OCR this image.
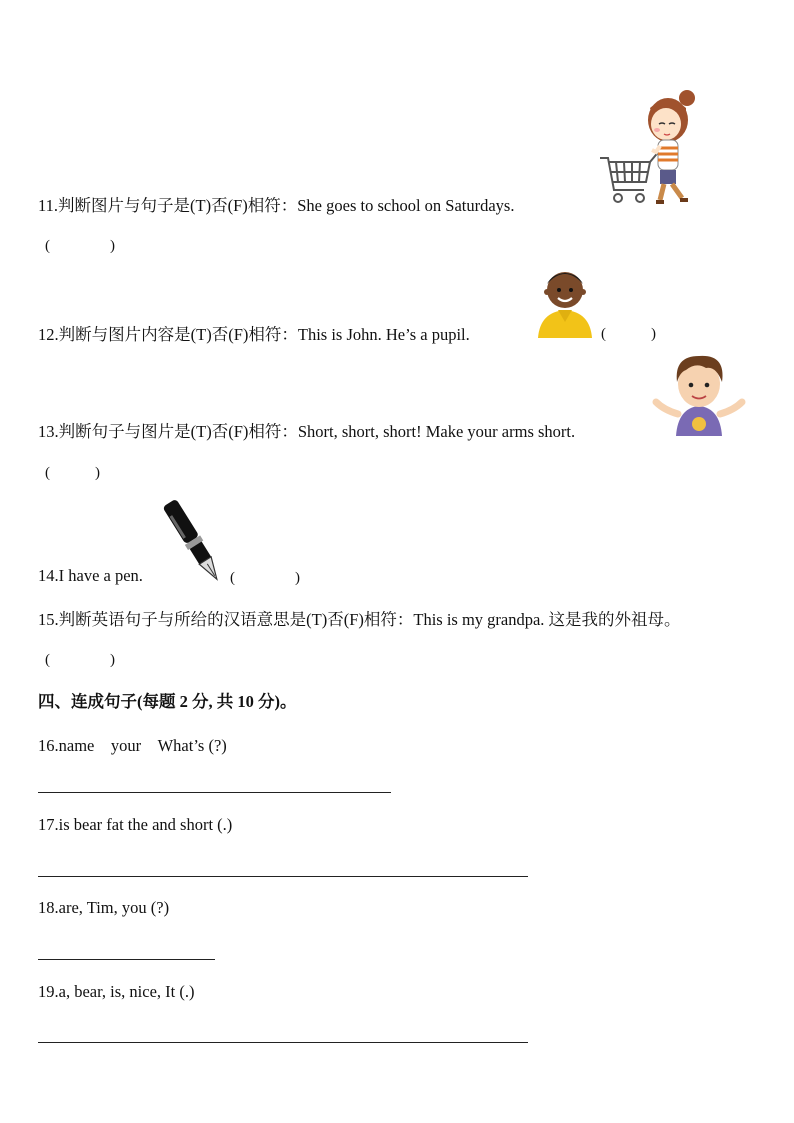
11.判断图片与句子是(T)否(F)相符：She goes to school on Saturdays.
(　　　　)
12.判断与图片内容是(T)否(F)相符：This is John. He’s a pupil.	(　　　)
13.判断句子与图片是(T)否(F)相符：Short, short, short! Make your arms short.
(　　　)
14.I have a pen.	(　　　　)
15.判断英语句子与所给的汉语意思是(T)否(F)相符：This is my grandpa. 这是我的外祖母。
(　　　　)
四、连成句子(每题 2 分, 共 10 分)。
16.name　your　What’s (?)
17.is bear fat the and short (.)
18.are, Tim, you (?)
19.a, bear, is, nice, It (.)
